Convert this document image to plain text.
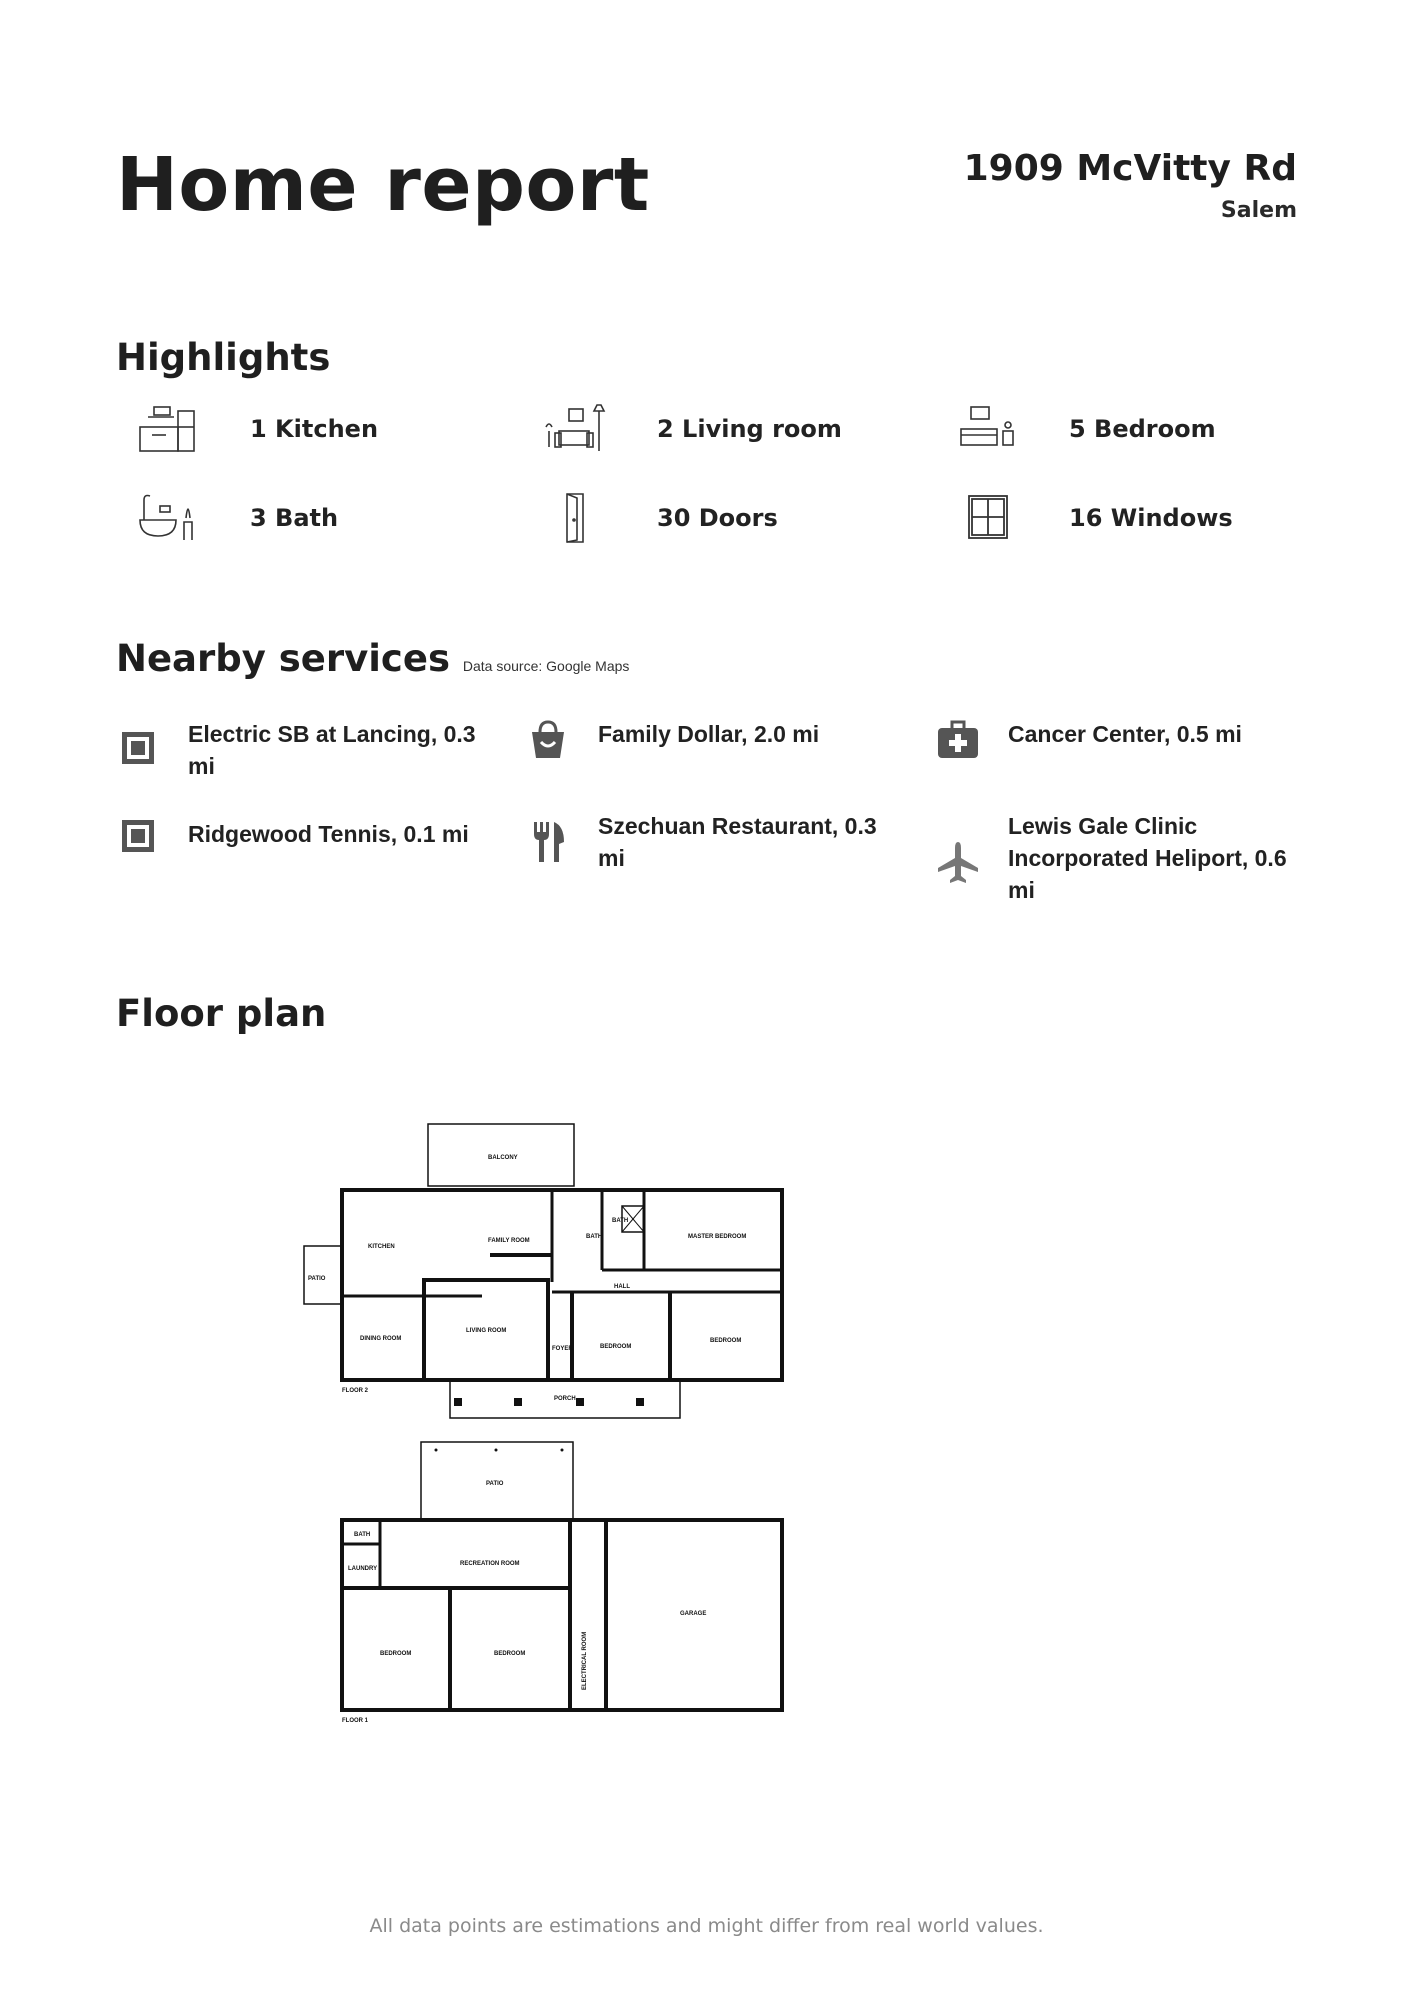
Home report	1909 McVitty Rd
Salem
Highlights
1 Kitchen	2 Living room	5 Bedroom
3 Bath	30 Doors	16 Windows
Nearby services Data source: Google Maps
Electric SB at Lancing, 0.3 mi
Family Dollar, 2.0 mi	Cancer Center, 0.5 mi
Ridgewood Tennis, 0.1 mi	Szechuan Restaurant, 0.3 mi
Lewis Gale Clinic Incorporated Heliport, 0.6 mi
Floor plan
BALCONY
KITCHEN
FAMILY ROOM
BATH
BATH
MASTER BEDROOM
PATIO
HALL
DINING ROOM
LIVING ROOM
FOYER	BEDROOM
BEDROOM
PORCH
FLOOR 2
PATIO
BATH
RECREATION ROOM
LAUNDRY
GARAGE
BEDROOM	BEDROOM	ELECTRICAL ROOM
FLOOR 1
All data points are estimations and might differ from real world values.
